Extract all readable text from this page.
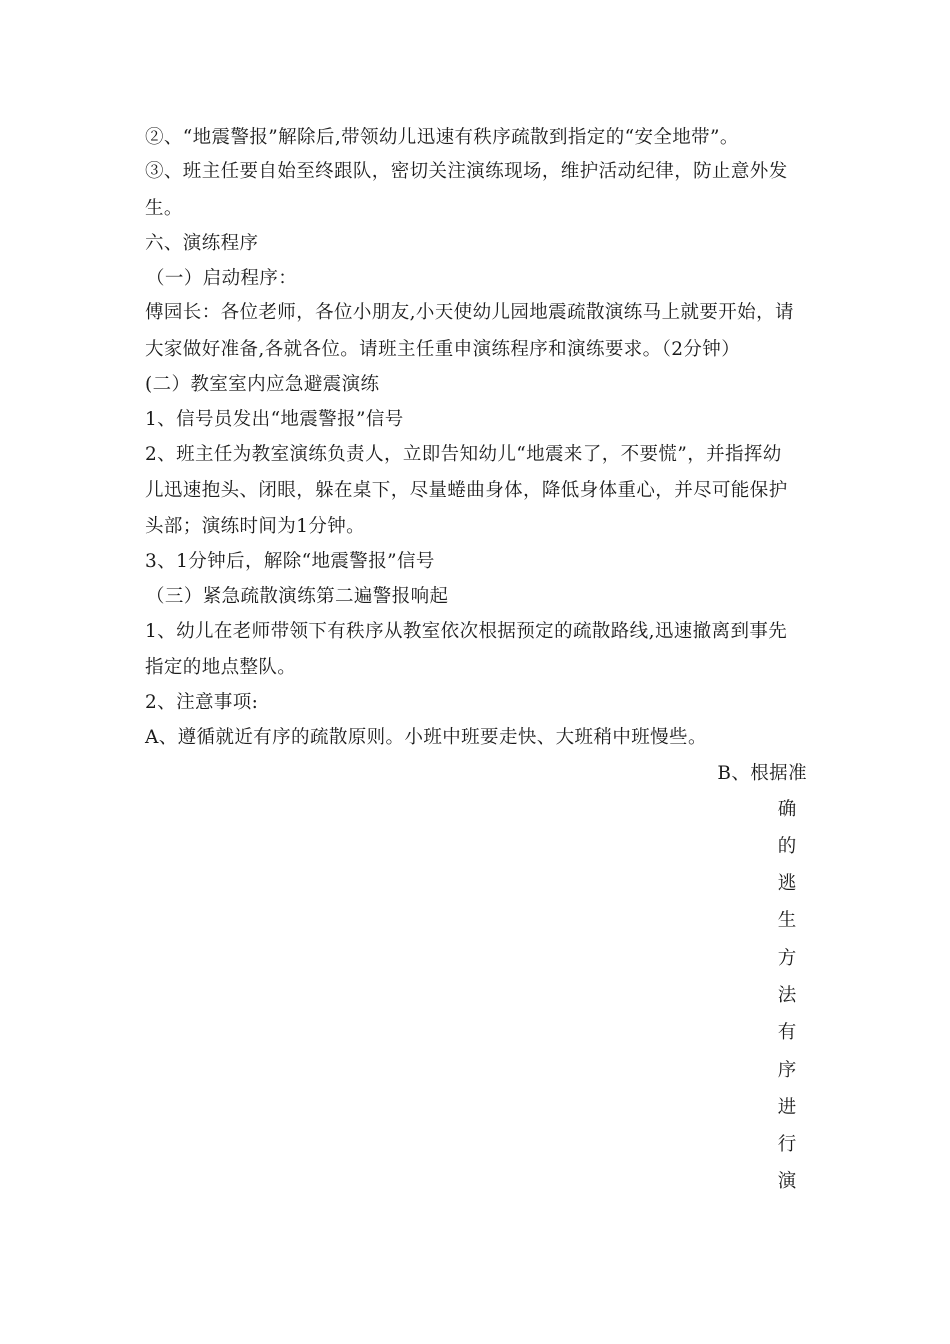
②、“地震警报”解除后,带领幼儿迅速有秩序疏散到指定的“安全地带”。
③、班主任要自始至终跟队，密切关注演练现场，维护活动纪律，防止意外发
生。
六、演练程序
（一）启动程序：
傅园长：各位老师，各位小朋友,小天使幼儿园地震疏散演练马上就要开始，请
大家做好准备,各就各位。请班主任重申演练程序和演练要求。（2分钟）
(二）教室室内应急避震演练
1、信号员发出“地震警报”信号
2、班主任为教室演练负责人，立即告知幼儿“地震来了，不要慌”，并指挥幼
儿迅速抱头、闭眼，躲在桌下，尽量蜷曲身体，降低身体重心，并尽可能保护
头部；演练时间为1分钟。
3、1分钟后，解除“地震警报”信号
（三）紧急疏散演练第二遍警报响起
1、幼儿在老师带领下有秩序从教室依次根据预定的疏散路线,迅速撤离到事先
指定的地点整队。
2、注意事项:
A、遵循就近有序的疏散原则。小班中班要走快、大班稍中班慢些。
B、根据准
确
的
逃
生
方
法
有
序
进
行
演
